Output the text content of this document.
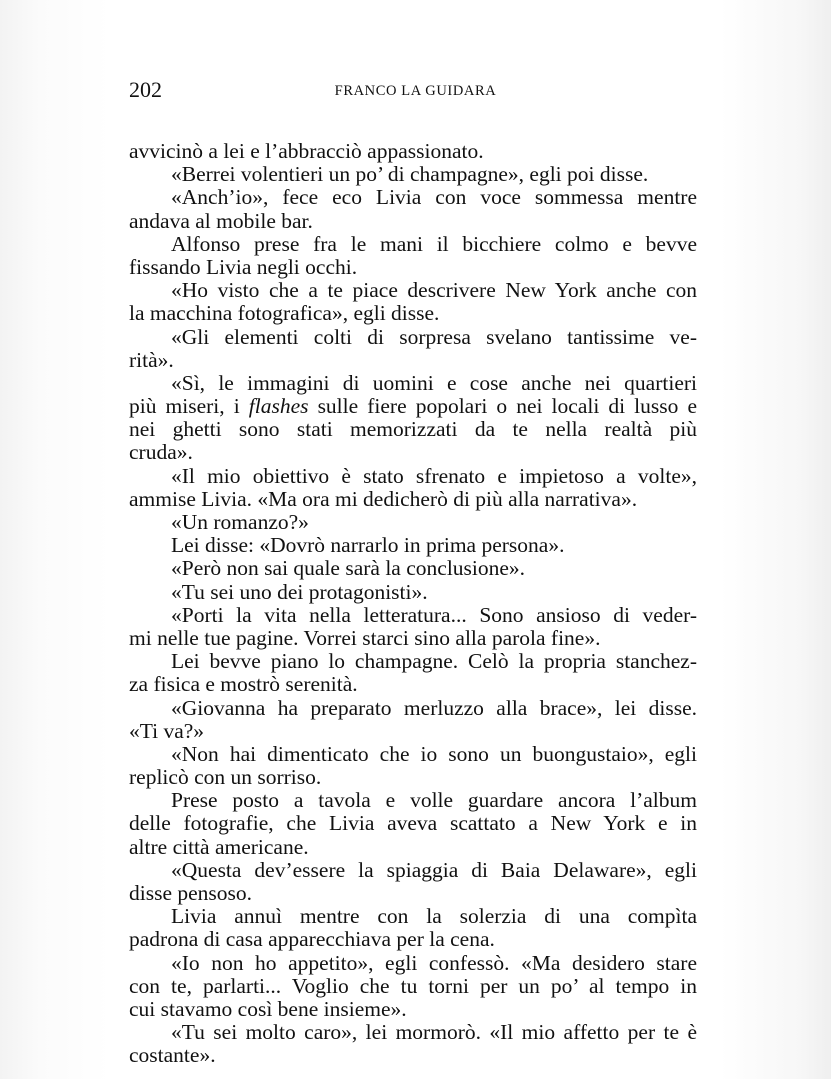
202	FRANCO LA GUIDARA
avvicinò a lei e l’abbracciò appassionato.
«Berrei volentieri un po’ di champagne», egli poi disse.
«Anch’io», fece eco Livia con voce sommessa mentre
andava al mobile bar.
Alfonso prese fra le mani il bicchiere colmo e bevve
fissando Livia negli occhi.
«Ho visto che a te piace descrivere New York anche con
la macchina fotografica», egli disse.
«Gli elementi colti di sorpresa svelano tantissime ve-
rità».
«Sì, le immagini di uomini e cose anche nei quartieri
più miseri, i flashes sulle fiere popolari o nei locali di lusso e
nei ghetti sono stati memorizzati da te nella realtà più
cruda».
«Il mio obiettivo è stato sfrenato e impietoso a volte»,
ammise Livia. «Ma ora mi dedicherò di più alla narrativa».
«Un romanzo?»
Lei disse: «Dovrò narrarlo in prima persona».
«Però non sai quale sarà la conclusione».
«Tu sei uno dei protagonisti».
«Porti la vita nella letteratura... Sono ansioso di veder-
mi nelle tue pagine. Vorrei starci sino alla parola fine».
Lei bevve piano lo champagne. Celò la propria stanchez-
za fisica e mostrò serenità.
«Giovanna ha preparato merluzzo alla brace», lei disse.
«Ti va?»
«Non hai dimenticato che io sono un buongustaio», egli
replicò con un sorriso.
Prese posto a tavola e volle guardare ancora l’album
delle fotografie, che Livia aveva scattato a New York e in
altre città americane.
«Questa dev’essere la spiaggia di Baia Delaware», egli
disse pensoso.
Livia annuì mentre con la solerzia di una compìta
padrona di casa apparecchiava per la cena.
«Io non ho appetito», egli confessò. «Ma desidero stare
con te, parlarti... Voglio che tu torni per un po’ al tempo in
cui stavamo così bene insieme».
«Tu sei molto caro», lei mormorò. «Il mio affetto per te è
costante».
